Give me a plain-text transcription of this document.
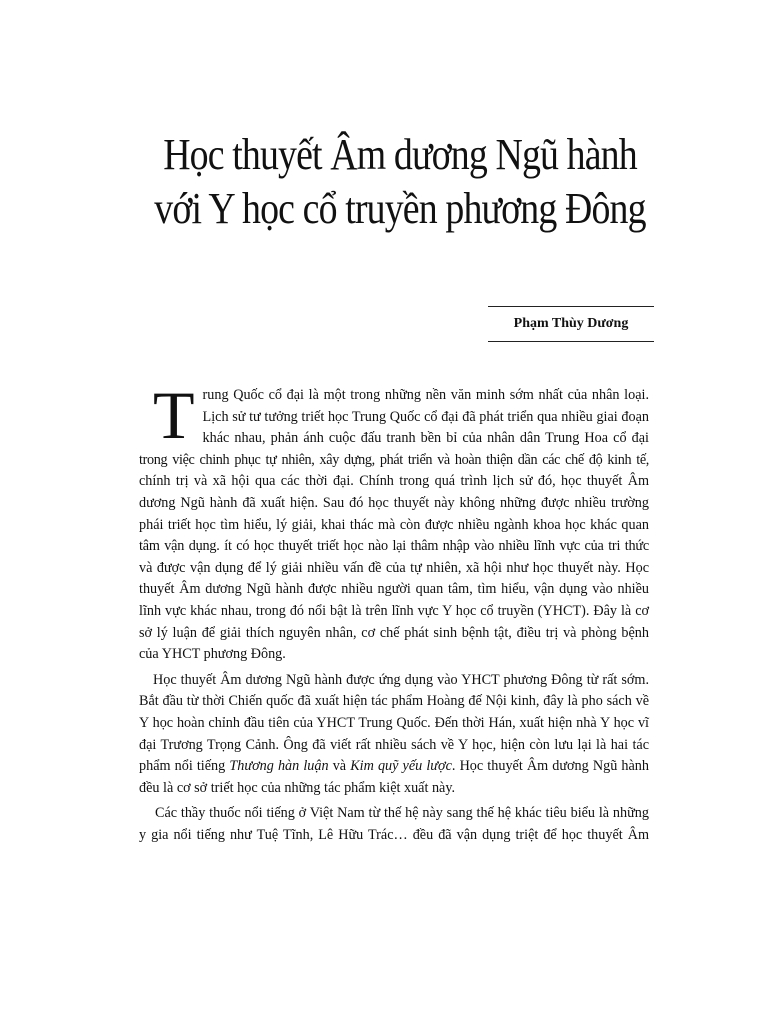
Học thuyết Âm dương Ngũ hành
với Y học cổ truyền phương Đông
Phạm Thùy Dương

T rung Quốc cổ đại là một trong những nền văn minh sớm nhất của nhân loại.
Lịch sử tư tưởng triết học Trung Quốc cổ đại đã phát triển qua nhiều giai đoạn
khác nhau, phản ánh cuộc đấu tranh bền bỉ của nhân dân Trung Hoa cổ đại
trong việc chinh phục tự nhiên, xây dựng, phát triển và hoàn thiện dần các chế độ kinh tế,
chính trị và xã hội qua các thời đại. Chính trong quá trình lịch sử đó, học thuyết Âm
dương Ngũ hành đã xuất hiện. Sau đó học thuyết này không những được nhiều trường
phái triết học tìm hiểu, lý giải, khai thác mà còn được nhiều ngành khoa học khác quan
tâm vận dụng. ít có học thuyết triết học nào lại thâm nhập vào nhiều lĩnh vực của tri thức
và được vận dụng để lý giải nhiều vấn đề của tự nhiên, xã hội như học thuyết này. Học
thuyết Âm dương Ngũ hành được nhiều người quan tâm, tìm hiểu, vận dụng vào nhiều
lĩnh vực khác nhau, trong đó nổi bật là trên lĩnh vực Y học cổ truyền (YHCT). Đây là cơ
sở lý luận để giải thích nguyên nhân, cơ chế phát sinh bệnh tật, điều trị và phòng bệnh
của YHCT phương Đông.

Học thuyết Âm dương Ngũ hành được ứng dụng vào YHCT phương Đông từ rất sớm.
Bắt đầu từ thời Chiến quốc đã xuất hiện tác phẩm Hoàng đế Nội kinh, đây là pho sách về
Y học hoàn chỉnh đầu tiên của YHCT Trung Quốc. Đến thời Hán, xuất hiện nhà Y học vĩ
đại Trương Trọng Cảnh. Ông đã viết rất nhiều sách về Y học, hiện còn lưu lại là hai tác
phẩm nổi tiếng Thương hàn luận và Kim quỹ yếu lược. Học thuyết Âm dương Ngũ hành
đều là cơ sở triết học của những tác phẩm kiệt xuất này.

Các thầy thuốc nổi tiếng ở Việt Nam từ thế hệ này sang thế hệ khác tiêu biểu là những
y gia nổi tiếng như Tuệ Tĩnh, Lê Hữu Trác… đều đã vận dụng triệt để học thuyết Âm
